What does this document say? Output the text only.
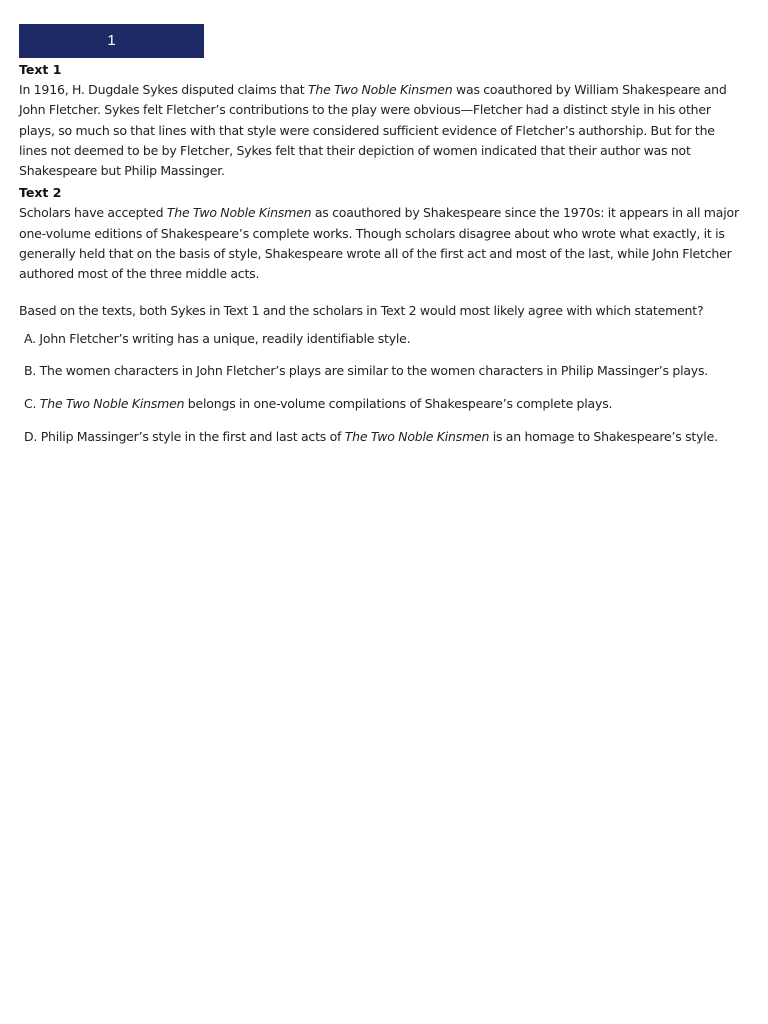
1
Text 1

In 1916, H. Dugdale Sykes disputed claims that The Two Noble Kinsmen was coauthored by William Shakespeare and John Fletcher. Sykes felt Fletcher’s contributions to the play were obvious—Fletcher had a distinct style in his other plays, so much so that lines with that style were considered sufficient evidence of Fletcher’s authorship. But for the lines not deemed to be by Fletcher, Sykes felt that their depiction of women indicated that their author was not Shakespeare but Philip Massinger.

Text 2

Scholars have accepted The Two Noble Kinsmen as coauthored by Shakespeare since the 1970s: it appears in all major one-volume editions of Shakespeare’s complete works. Though scholars disagree about who wrote what exactly, it is generally held that on the basis of style, Shakespeare wrote all of the first act and most of the last, while John Fletcher authored most of the three middle acts.

Based on the texts, both Sykes in Text 1 and the scholars in Text 2 would most likely agree with which statement?

A. John Fletcher’s writing has a unique, readily identifiable style.
B. The women characters in John Fletcher’s plays are similar to the women characters in Philip Massinger’s plays.
C. The Two Noble Kinsmen belongs in one-volume compilations of Shakespeare’s complete plays.
D. Philip Massinger’s style in the first and last acts of The Two Noble Kinsmen is an homage to Shakespeare’s style.
